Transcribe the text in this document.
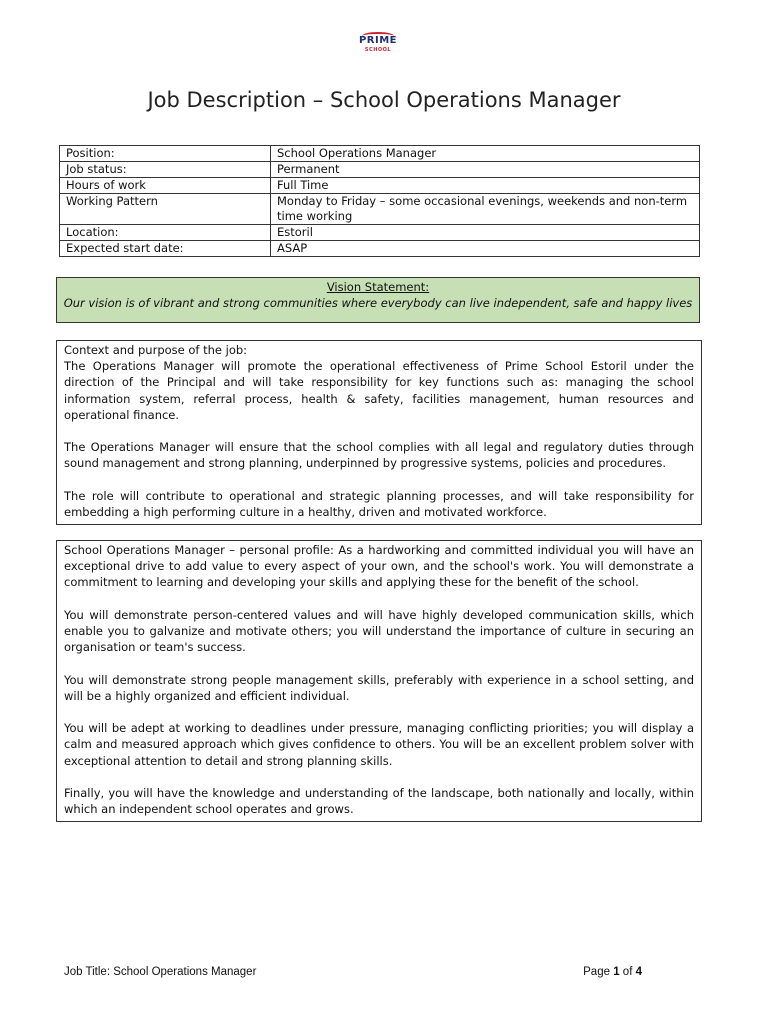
PRIME
SCHOOL
Job Description – School Operations Manager
Position:	School Operations Manager
Job status:	Permanent
Hours of work	Full Time
Working Pattern	Monday to Friday – some occasional evenings, weekends and non-term time working
Location:	Estoril
Expected start date:	ASAP
Vision Statement:
Our vision is of vibrant and strong communities where everybody can live independent, safe and happy lives
Context and purpose of the job:

The Operations Manager will promote the operational effectiveness of Prime School Estoril under the direction of the Principal and will take responsibility for key functions such as: managing the school information system, referral process, health & safety, facilities management, human resources and operational finance.

The Operations Manager will ensure that the school complies with all legal and regulatory duties through sound management and strong planning, underpinned by progressive systems, policies and procedures.

The role will contribute to operational and strategic planning processes, and will take responsibility for embedding a high performing culture in a healthy, driven and motivated workforce.

School Operations Manager – personal profile: As a hardworking and committed individual you will have an exceptional drive to add value to every aspect of your own, and the school's work. You will demonstrate a commitment to learning and developing your skills and applying these for the benefit of the school.

You will demonstrate person-centered values and will have highly developed communication skills, which enable you to galvanize and motivate others; you will understand the importance of culture in securing an organisation or team's success.

You will demonstrate strong people management skills, preferably with experience in a school setting, and will be a highly organized and efficient individual.

You will be adept at working to deadlines under pressure, managing conflicting priorities; you will display a calm and measured approach which gives confidence to others. You will be an excellent problem solver with exceptional attention to detail and strong planning skills.

Finally, you will have the knowledge and understanding of the landscape, both nationally and locally, within which an independent school operates and grows.

Job Title: School Operations Manager	Page 1 of 4
